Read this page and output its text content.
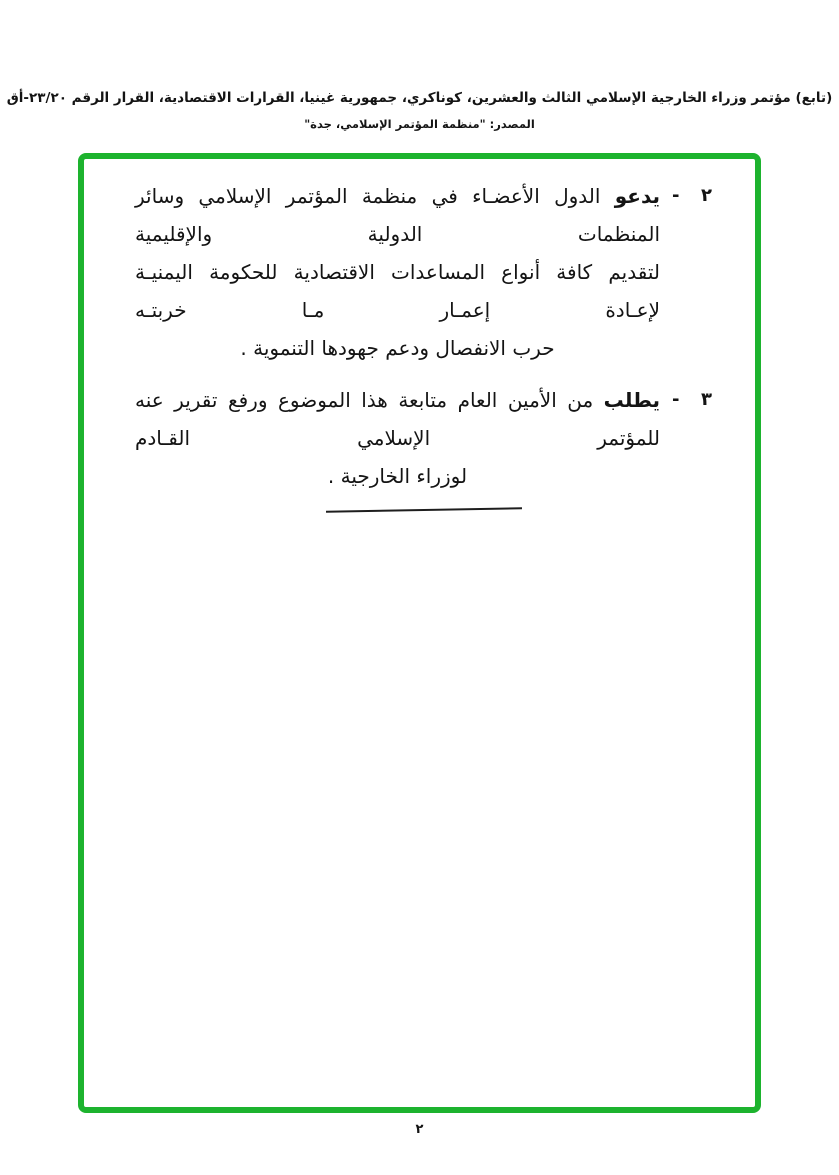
(تابع) مؤتمر وزراء الخارجية الإسلامي الثالث والعشرين، كوناكري، جمهورية غينيا، القرارات الاقتصادية، القرار الرقم ٢٣/٢٠-أق
المصدر: "منظمة المؤتمر الإسلامي، جدة"
٢
-
يدعو الدول الأعضـاء في منظمة المؤتمر الإسلامي وسائر المنظمات الدولية والإقليمية
لتقديم كافة أنواع المساعدات الاقتصادية للحكومة اليمنيـة لإعـادة إعمـار مـا خربتـه
حرب الانفصال ودعم جهودها التنموية .
٣
-
يطلب من الأمين العام متابعة هذا الموضوع ورفع تقرير عنه للمؤتمر الإسلامي القـادم
لوزراء الخارجية .
٢
